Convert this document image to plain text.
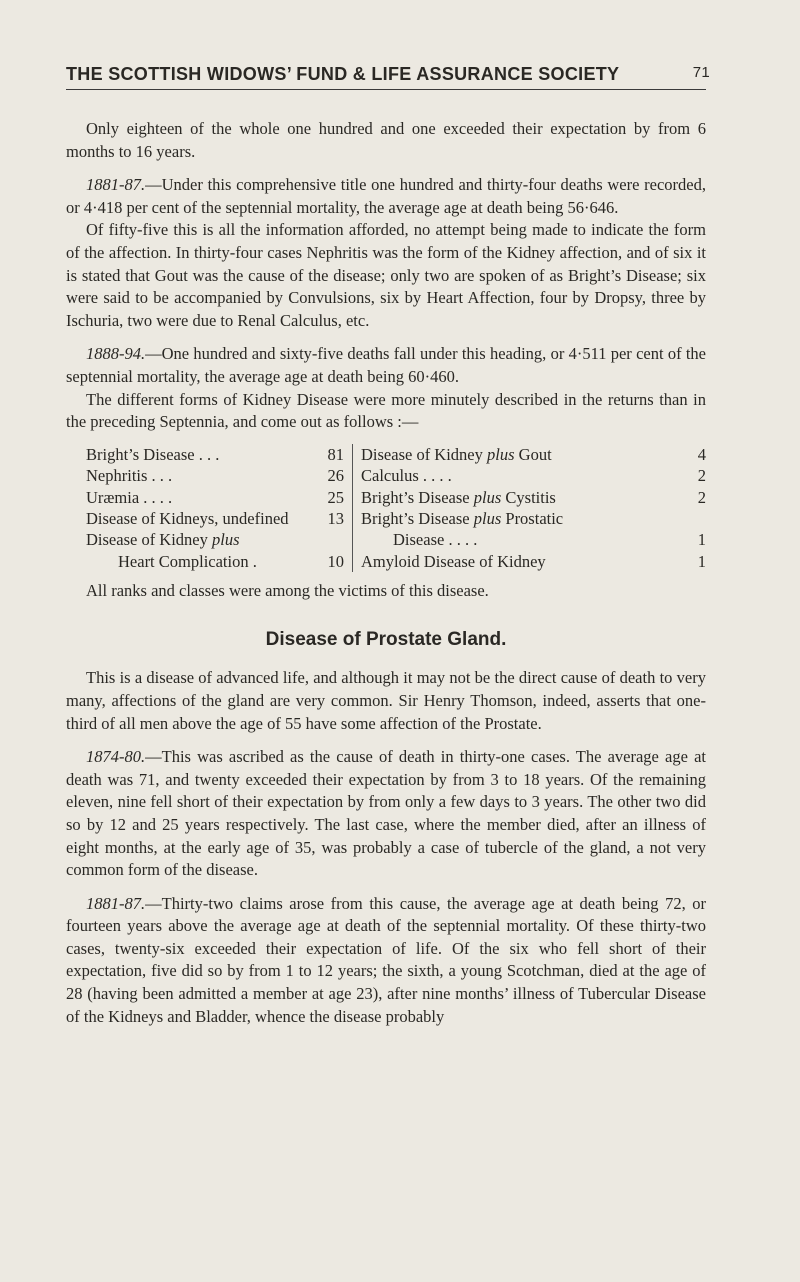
THE SCOTTISH WIDOWS’ FUND & LIFE ASSURANCE SOCIETY	71

Only eighteen of the whole one hundred and one exceeded their expectation by from 6 months to 16 years.

1881-87.—Under this comprehensive title one hundred and thirty-four deaths were recorded, or 4·418 per cent of the septennial mortality, the average age at death being 56·646.

Of fifty-five this is all the information afforded, no attempt being made to indicate the form of the affection. In thirty-four cases Nephritis was the form of the Kidney affection, and of six it is stated that Gout was the cause of the disease; only two are spoken of as Bright’s Disease; six were said to be accompanied by Convulsions, six by Heart Affection, four by Dropsy, three by Ischuria, two were due to Renal Calculus, etc.

1888-94.—One hundred and sixty-five deaths fall under this heading, or 4·511 per cent of the septennial mortality, the average age at death being 60·460.

The different forms of Kidney Disease were more minutely described in the returns than in the preceding Septennia, and come out as follows :—

Bright’s Disease . . .	81	Disease of Kidney plus Gout	4
Nephritis . . .	26	Calculus . . . .	2
Uræmia . . . .	25	Bright’s Disease plus Cystitis	2
Disease of Kidneys, undefined	13	Bright’s Disease plus Prostatic	
Disease of Kidney plus		Disease . . . .	1
Heart Complication .	10	Amyloid Disease of Kidney	1

All ranks and classes were among the victims of this disease.

Disease of Prostate Gland.

This is a disease of advanced life, and although it may not be the direct cause of death to very many, affections of the gland are very common. Sir Henry Thomson, indeed, asserts that one-third of all men above the age of 55 have some affection of the Prostate.

1874-80.—This was ascribed as the cause of death in thirty-one cases. The average age at death was 71, and twenty exceeded their expectation by from 3 to 18 years. Of the remaining eleven, nine fell short of their expectation by from only a few days to 3 years. The other two did so by 12 and 25 years respectively. The last case, where the member died, after an illness of eight months, at the early age of 35, was probably a case of tubercle of the gland, a not very common form of the disease.

1881-87.—Thirty-two claims arose from this cause, the average age at death being 72, or fourteen years above the average age at death of the septennial mortality. Of these thirty-two cases, twenty-six exceeded their expectation of life. Of the six who fell short of their expectation, five did so by from 1 to 12 years; the sixth, a young Scotchman, died at the age of 28 (having been admitted a member at age 23), after nine months’ illness of Tubercular Disease of the Kidneys and Bladder, whence the disease probably
